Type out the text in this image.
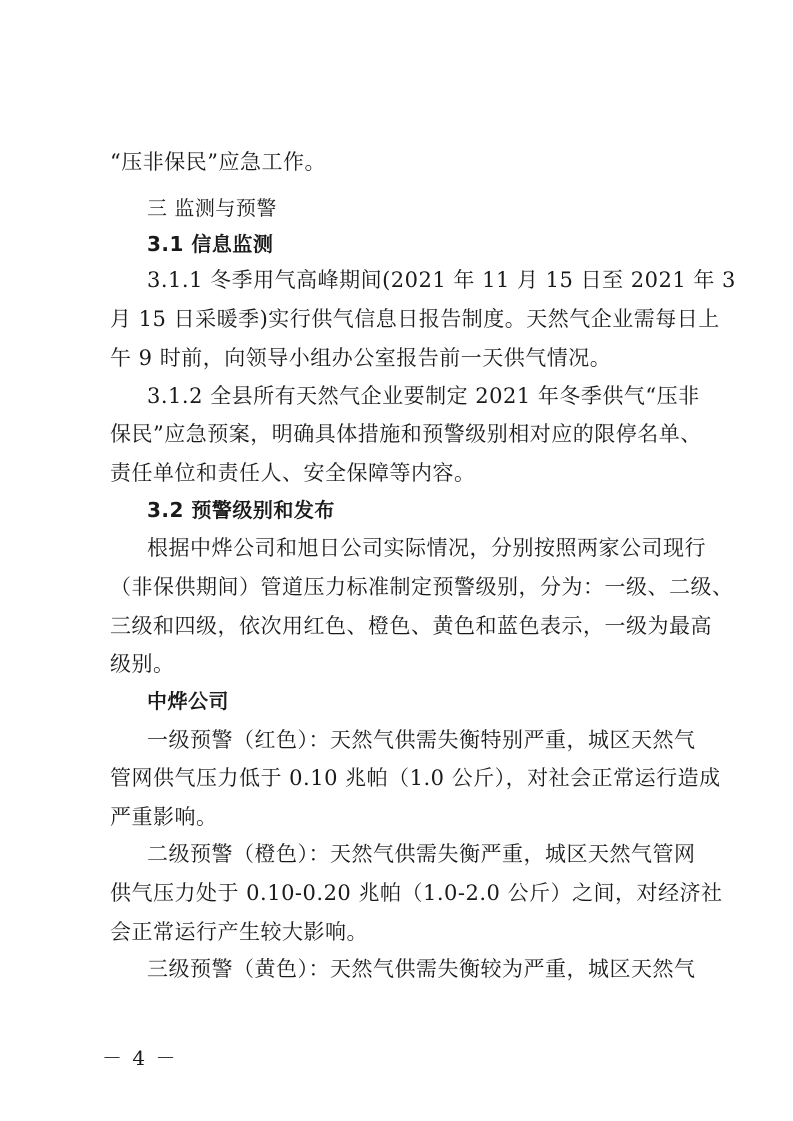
“压非保民”应急工作。
三 监测与预警
3.1 信息监测
3.1.1 冬季用气高峰期间(2021 年 11 月 15 日至 2021 年 3
月 15 日采暖季)实行供气信息日报告制度。天然气企业需每日上
午 9 时前，向领导小组办公室报告前一天供气情况。
3.1.2 全县所有天然气企业要制定 2021 年冬季供气“压非
保民”应急预案，明确具体措施和预警级别相对应的限停名单、
责任单位和责任人、安全保障等内容。
3.2 预警级别和发布
根据中烨公司和旭日公司实际情况，分别按照两家公司现行
（非保供期间）管道压力标准制定预警级别，分为：一级、二级、
三级和四级，依次用红色、橙色、黄色和蓝色表示，一级为最高
级别。
中烨公司
一级预警（红色）：天然气供需失衡特别严重，城区天然气
管网供气压力低于 0.10 兆帕（1.0 公斤），对社会正常运行造成
严重影响。
二级预警（橙色）：天然气供需失衡严重，城区天然气管网
供气压力处于 0.10-0.20 兆帕（1.0-2.0 公斤）之间，对经济社
会正常运行产生较大影响。
三级预警（黄色）：天然气供需失衡较为严重，城区天然气
－ 4 －
